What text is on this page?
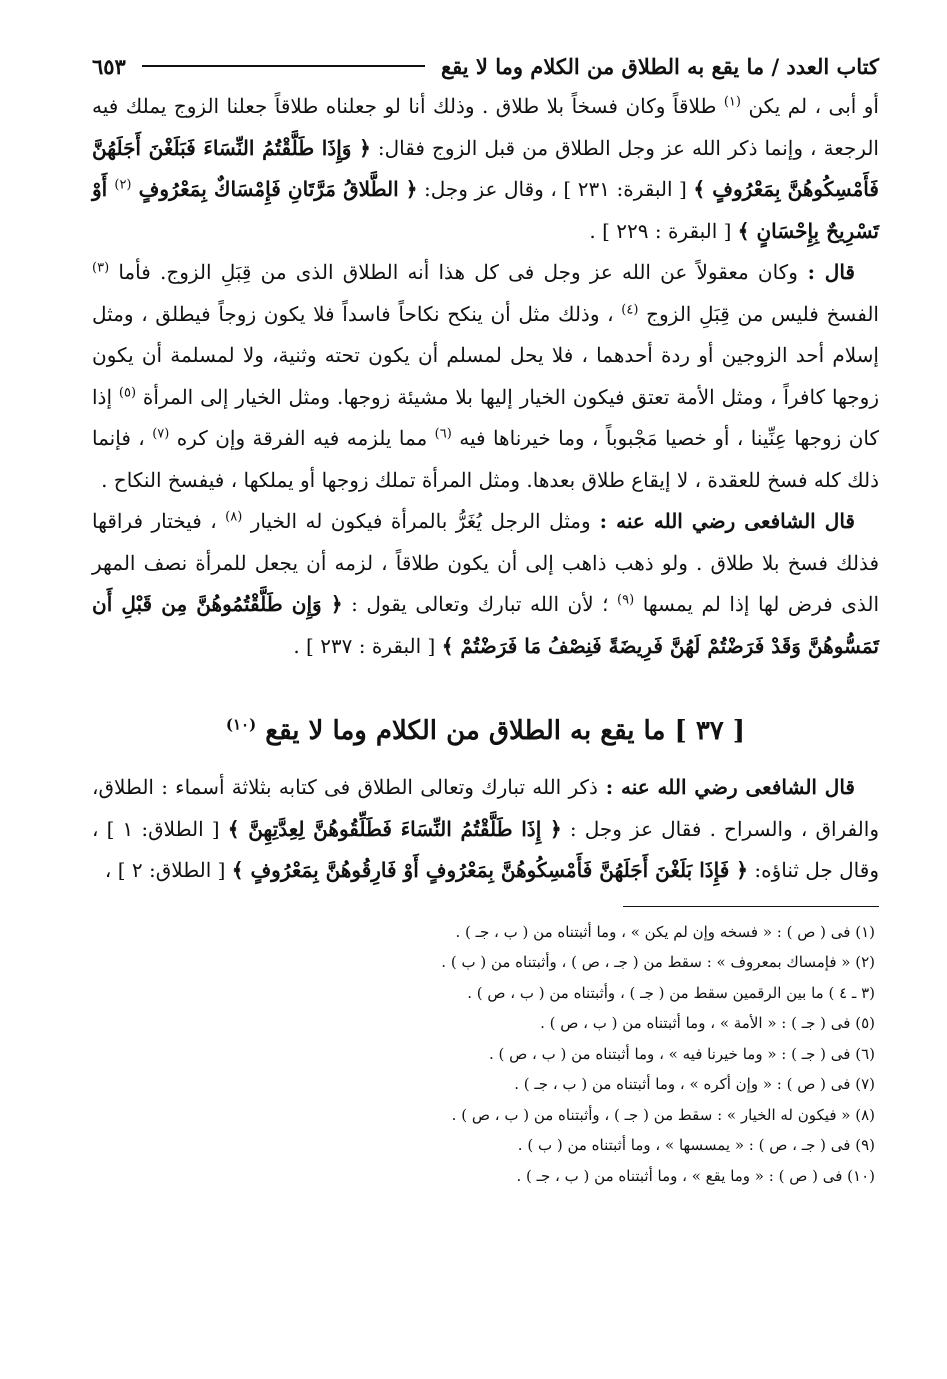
كتاب العدد / ما يقع به الطلاق من الكلام وما لا يقع
٦٥٣

أو أبى ، لم يكن $^{(١)}$ طلاقاً وكان فسخاً بلا طلاق . وذلك أنا لو جعلناه طلاقاً جعلنا الزوج يملك فيه الرجعة ، وإنما ذكر الله عز وجل الطلاق من قبل الزوج فقال: ﴿ وَإِذَا طَلَّقْتُمُ النِّسَاءَ فَبَلَغْنَ أَجَلَهُنَّ فَأَمْسِكُوهُنَّ بِمَعْرُوفٍ ﴾ [ البقرة: ٢٣١ ] ، وقال عز وجل: ﴿ الطَّلاقُ مَرَّتَانِ فَإِمْسَاكٌ بِمَعْرُوفٍ $^{(٢)}$ أَوْ تَسْرِيحٌ بِإِحْسَانٍ ﴾ [ البقرة : ٢٢٩ ] .

قال : وكان معقولاً عن الله عز وجل فى كل هذا أنه الطلاق الذى من قِبَلِ الزوج. فأما $^{(٣)}$ الفسخ فليس من قِبَلِ الزوج $^{(٤)}$ ، وذلك مثل أن ينكح نكاحاً فاسداً فلا يكون زوجاً فيطلق ، ومثل إسلام أحد الزوجين أو ردة أحدهما ، فلا يحل لمسلم أن يكون تحته وثنية، ولا لمسلمة أن يكون زوجها كافراً ، ومثل الأمة تعتق فيكون الخيار إليها بلا مشيئة زوجها. ومثل الخيار إلى المرأة $^{(٥)}$ إذا كان زوجها عِنِّينا ، أو خصيا مَجْبوباً ، وما خيرناها فيه $^{(٦)}$ مما يلزمه فيه الفرقة وإن كره $^{(٧)}$ ، فإنما ذلك كله فسخ للعقدة ، لا إيقاع طلاق بعدها. ومثل المرأة تملك زوجها أو يملكها ، فيفسخ النكاح .

قال الشافعى رضي الله عنه : ومثل الرجل يُغَرُّ بالمرأة فيكون له الخيار $^{(٨)}$ ، فيختار فراقها فذلك فسخ بلا طلاق . ولو ذهب ذاهب إلى أن يكون طلاقاً ، لزمه أن يجعل للمرأة نصف المهر الذى فرض لها إذا لم يمسها $^{(٩)}$ ؛ لأن الله تبارك وتعالى يقول : ﴿ وَإِن طَلَّقْتُمُوهُنَّ مِن قَبْلِ أَن تَمَسُّوهُنَّ وَقَدْ فَرَضْتُمْ لَهُنَّ فَرِيضَةً فَنِصْفُ مَا فَرَضْتُمْ ﴾ [ البقرة : ٢٣٧ ] .

[ ٣٧ ] ما يقع به الطلاق من الكلام وما لا يقع $^{(١٠)}$

قال الشافعى رضي الله عنه : ذكر الله تبارك وتعالى الطلاق فى كتابه بثلاثة أسماء : الطلاق، والفراق ، والسراح . فقال عز وجل : ﴿ إِذَا طَلَّقْتُمُ النِّسَاءَ فَطَلِّقُوهُنَّ لِعِدَّتِهِنَّ ﴾ [ الطلاق: ١ ] ، وقال جل ثناؤه: ﴿ فَإِذَا بَلَغْنَ أَجَلَهُنَّ فَأَمْسِكُوهُنَّ بِمَعْرُوفٍ أَوْ فَارِقُوهُنَّ بِمَعْرُوفٍ ﴾ [ الطلاق: ٢ ] ،

(١) فى ( ص ) : « فسخه وإن لم يكن » ، وما أثبتناه من ( ب ، جـ ) .
(٢) « فإمساك بمعروف » : سقط من ( جـ ، ص ) ، وأثبتناه من ( ب ) .
(٣ ـ ٤ ) ما بين الرقمين سقط من ( جـ ) ، وأثبتناه من ( ب ، ص ) .
(٥) فى ( جـ ) : « الأمة » ، وما أثبتناه من ( ب ، ص ) .
(٦) فى ( جـ ) : « وما خيرنا فيه » ، وما أثبتناه من ( ب ، ص ) .
(٧) فى ( ص ) : « وإن أكره » ، وما أثبتناه من ( ب ، جـ ) .
(٨) « فيكون له الخيار » : سقط من ( جـ ) ، وأثبتناه من ( ب ، ص ) .
(٩) فى ( جـ ، ص ) : « يمسسها » ، وما أثبتناه من ( ب ) .
(١٠) فى ( ص ) : « وما يقع » ، وما أثبتناه من ( ب ، جـ ) .
